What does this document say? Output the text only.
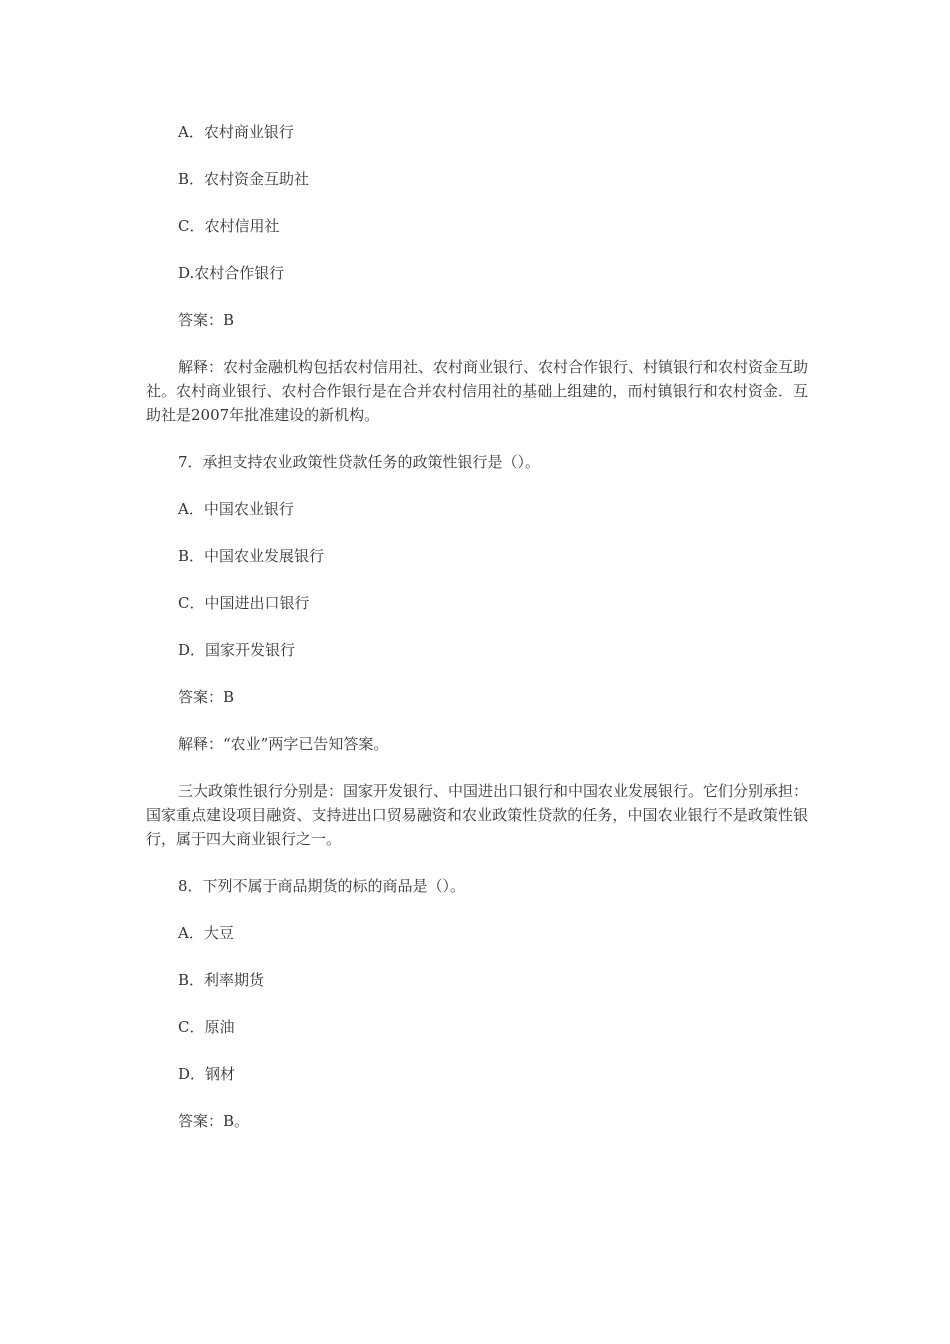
A．农村商业银行

B．农村资金互助社

C．农村信用社

D.农村合作银行

答案：B

解释：农村金融机构包括农村信用社、农村商业银行、农村合作银行、村镇银行和农村资金互助社。农村商业银行、农村合作银行是在合并农村信用社的基础上组建的，而村镇银行和农村资金．互助社是2007年批准建设的新机构。

7．承担支持农业政策性贷款任务的政策性银行是（）。

A．中国农业银行

B．中国农业发展银行

C．中国进出口银行

D．国家开发银行

答案：B

解释：“农业”两字已告知答案。

三大政策性银行分别是：国家开发银行、中国进出口银行和中国农业发展银行。它们分别承担：国家重点建设项目融资、支持进出口贸易融资和农业政策性贷款的任务，中国农业银行不是政策性银行，属于四大商业银行之一。

8．下列不属于商品期货的标的商品是（）。

A．大豆

B．利率期货

C．原油

D．钢材

答案：B。
